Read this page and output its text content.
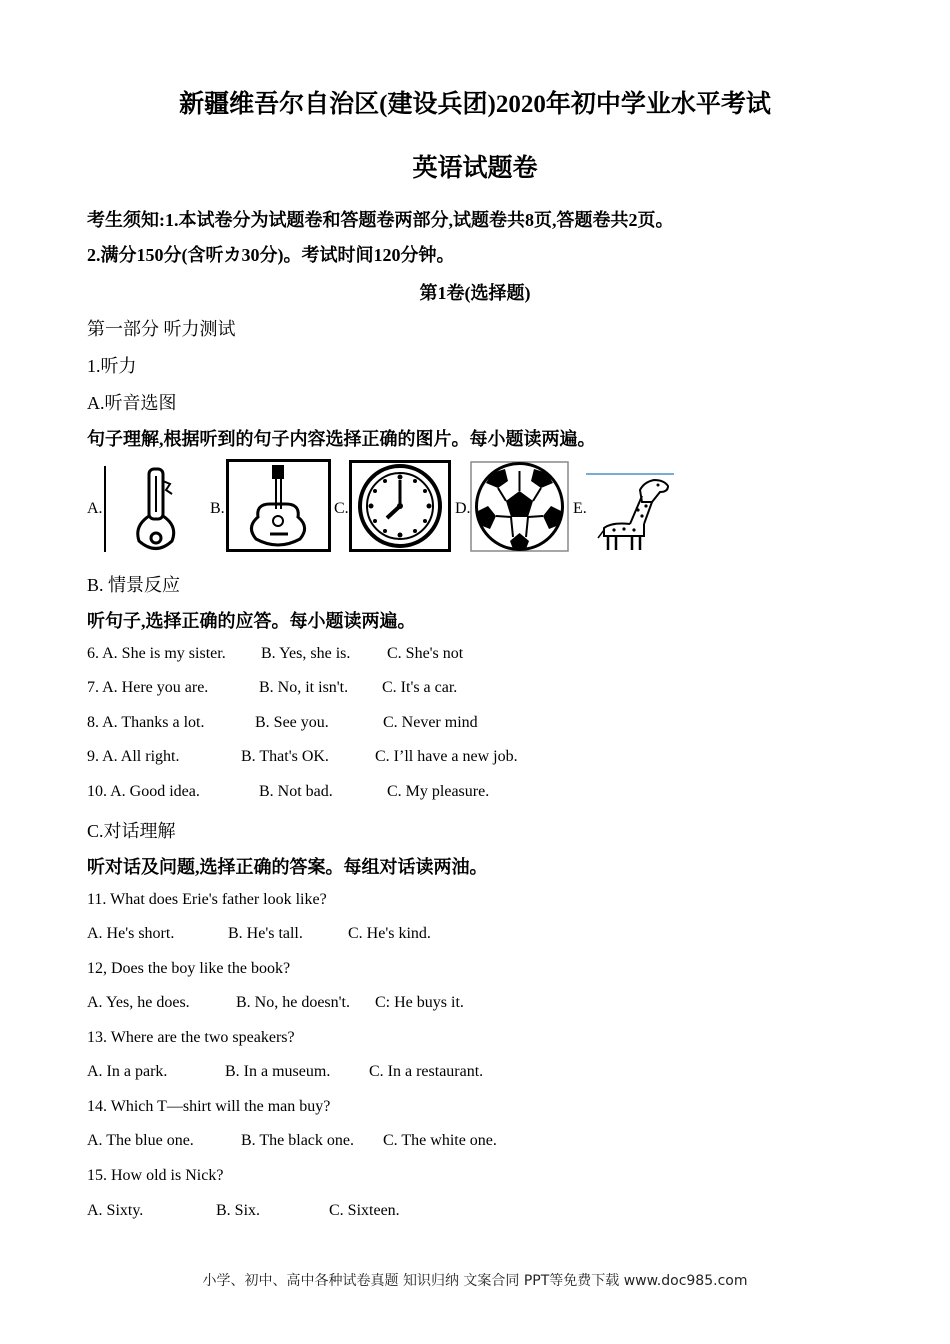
新疆维吾尔自治区(建设兵团)2020年初中学业水平考试
英语试题卷
考生须知:1.本试卷分为试题卷和答题卷两部分,试题卷共8页,答题卷共2页。
2.满分150分(含听カ30分)。考试时间120分钟。
第1卷(选择题)
第一部分 听力测试
1.听力
A.听音选图
句子理解,根据听到的句子内容选择正确的图片。每小题读两遍。
A.	B.	C.	D.	E.
B. 情景反应
听句子,选择正确的应答。每小题读两遍。
6. A. She is my sister. B. Yes, she is. C. She's not
7. A. Here you are.	B. No, it isn't. C. It's a car.
8. A. Thanks a lot.	B. See you.	C. Never mind
9. A. All right.	B. That's OK.	C. I’ll have a new job.
10. A. Good idea.	B. Not bad.	C. My pleasure.
C.对话理解
听对话及问题,选择正确的答案。每组对话读两油。
11. What does Erie's father look like?
A. He's short.	B. He's tall.	C. He's kind.
12, Does the boy like the book?
A. Yes, he does.	B. No, he doesn't. C: He buys it.
13. Where are the two speakers?
A. In a park.	B. In a museum. C. In a restaurant.
14. Which T—shirt will the man buy?
A. The blue one.	B. The black one. C. The white one.
15. How old is Nick?
A. Sixty.	B. Six.	C. Sixteen.
小学、初中、高中各种试卷真题 知识归纳 文案合同 PPT等免费下载 www.doc985.com
